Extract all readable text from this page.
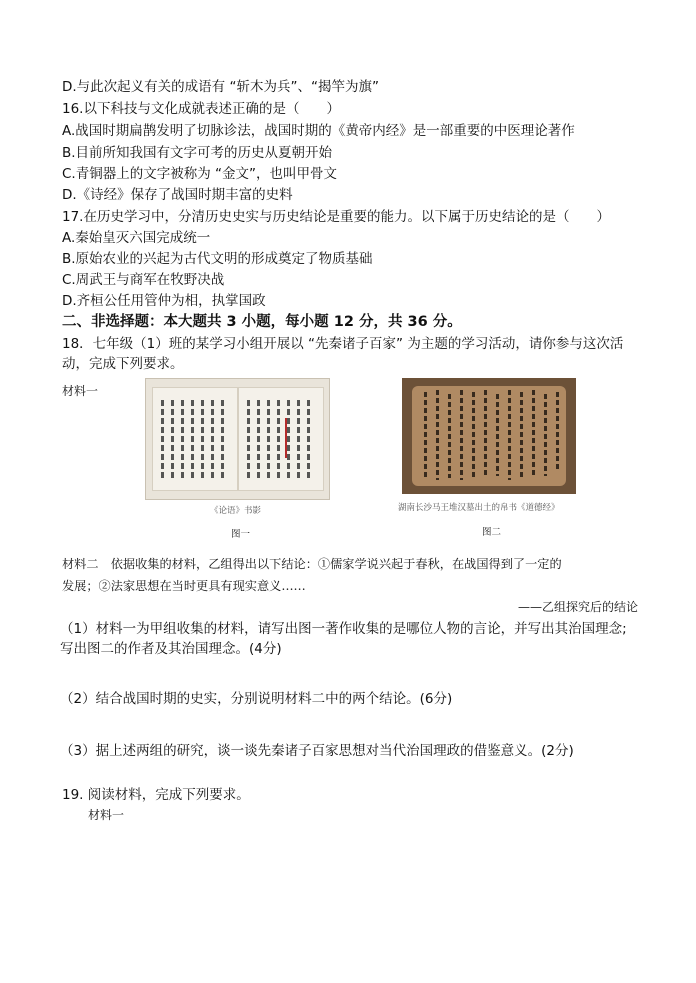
D.与此次起义有关的成语有 “斩木为兵”、“揭竿为旗”
16.以下科技与文化成就表述正确的是（　　）
A.战国时期扁鹊发明了切脉诊法，战国时期的《黄帝内经》是一部重要的中医理论著作
B.目前所知我国有文字可考的历史从夏朝开始
C.青铜器上的文字被称为 “金文”，也叫甲骨文
D.《诗经》保存了战国时期丰富的史料
17.在历史学习中，分清历史史实与历史结论是重要的能力。以下属于历史结论的是（　　）
A.秦始皇灭六国完成统一
B.原始农业的兴起为古代文明的形成奠定了物质基础
C.周武王与商军在牧野决战
D.齐桓公任用管仲为相，执掌国政
二、非选择题：本大题共 3 小题，每小题 12 分，共 36 分。
18．七年级（1）班的某学习小组开展以 “先秦诸子百家” 为主题的学习活动，请你参与这次活
动，完成下列要求。
材料一
《论语》书影
图一
湖南长沙马王堆汉墓出土的帛书《道德经》
图二
材料二　依据收集的材料，乙组得出以下结论：①儒家学说兴起于春秋，在战国得到了一定的
发展；②法家思想在当时更具有现实意义……
——乙组探究后的结论
（1）材料一为甲组收集的材料，请写出图一著作收集的是哪位人物的言论，并写出其治国理念;
写出图二的作者及其治国理念。(4分)
（2）结合战国时期的史实，分别说明材料二中的两个结论。(6分)
（3）据上述两组的研究，谈一谈先秦诸子百家思想对当代治国理政的借鉴意义。(2分)
19. 阅读材料，完成下列要求。
材料一
